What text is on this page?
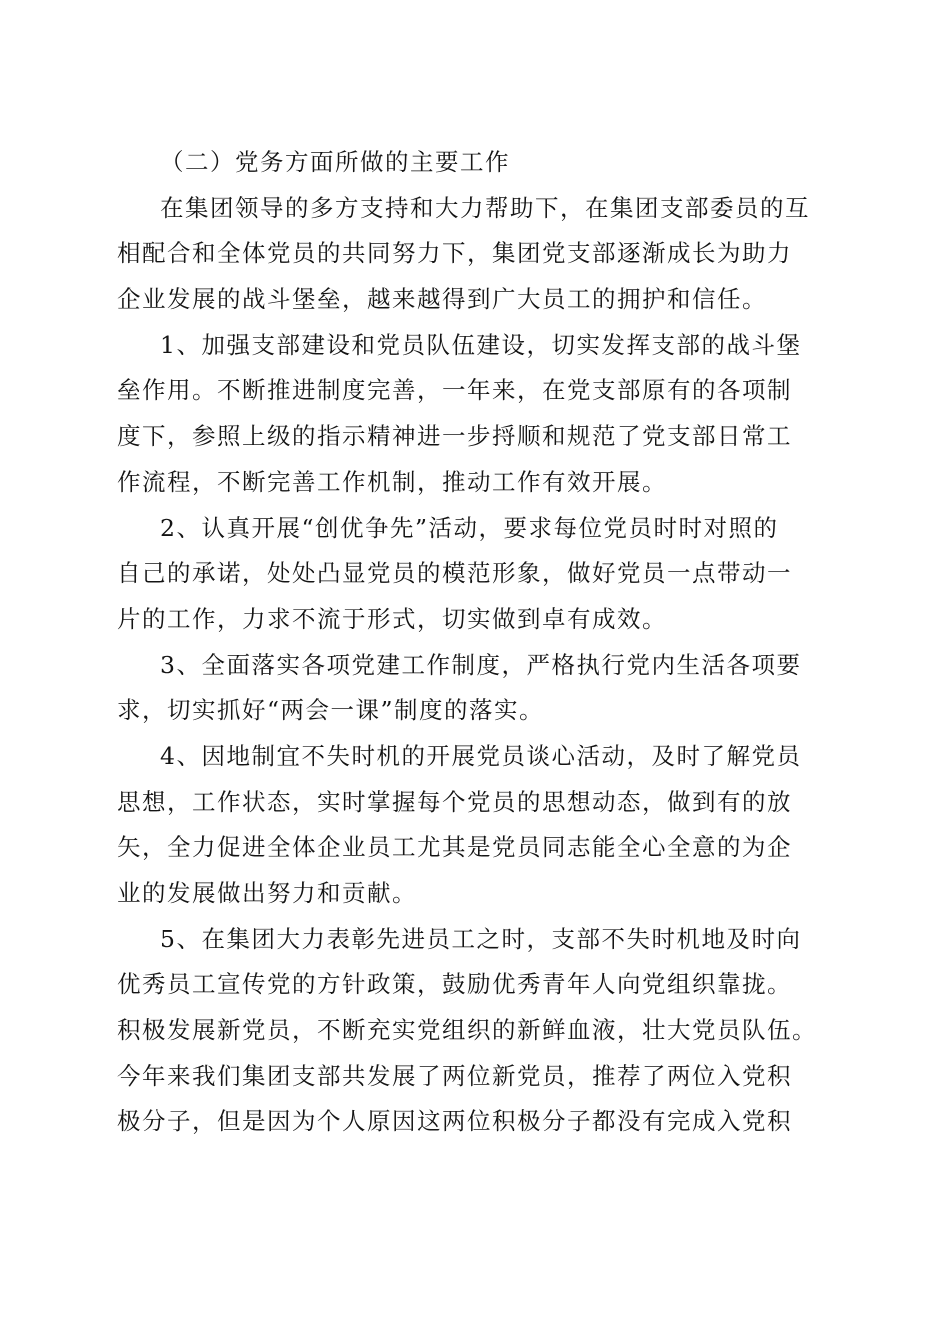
（二）党务方面所做的主要工作
在集团领导的多方支持和大力帮助下，在集团支部委员的互
相配合和全体党员的共同努力下，集团党支部逐渐成长为助力
企业发展的战斗堡垒，越来越得到广大员工的拥护和信任。
1、加强支部建设和党员队伍建设，切实发挥支部的战斗堡
垒作用。不断推进制度完善，一年来，在党支部原有的各项制
度下，参照上级的指示精神进一步捋顺和规范了党支部日常工
作流程，不断完善工作机制，推动工作有效开展。
2、认真开展“创优争先”活动，要求每位党员时时对照的
自己的承诺，处处凸显党员的模范形象，做好党员一点带动一
片的工作，力求不流于形式，切实做到卓有成效。
3、全面落实各项党建工作制度，严格执行党内生活各项要
求，切实抓好“两会一课”制度的落实。
4、因地制宜不失时机的开展党员谈心活动，及时了解党员
思想，工作状态，实时掌握每个党员的思想动态，做到有的放
矢，全力促进全体企业员工尤其是党员同志能全心全意的为企
业的发展做出努力和贡献。
5、在集团大力表彰先进员工之时，支部不失时机地及时向
优秀员工宣传党的方针政策，鼓励优秀青年人向党组织靠拢。
积极发展新党员，不断充实党组织的新鲜血液，壮大党员队伍。
今年来我们集团支部共发展了两位新党员，推荐了两位入党积
极分子，但是因为个人原因这两位积极分子都没有完成入党积
